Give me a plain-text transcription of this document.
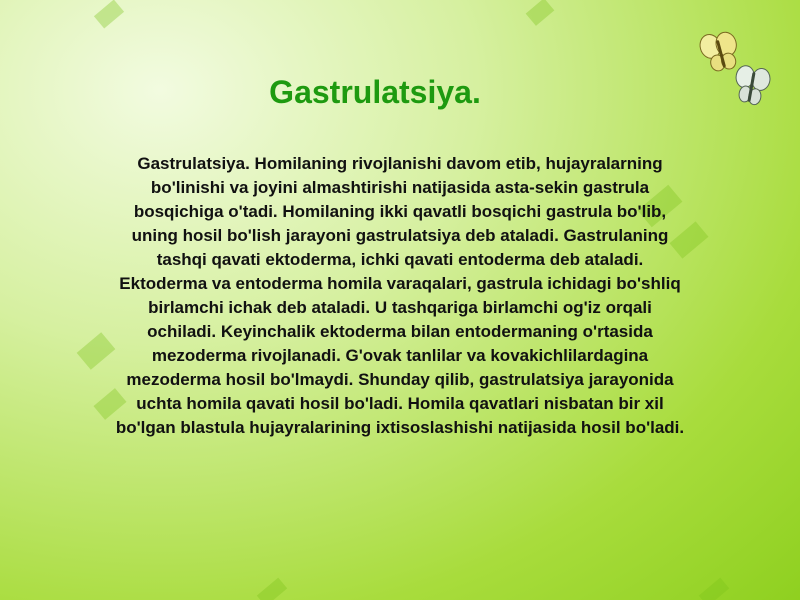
Gastrulatsiya.

Gastrulatsiya. Homilaning rivojlanishi davom etib, hujayralarning bo'linishi va joyini almashtirishi natijasida asta-sekin gastrula bosqichiga o'tadi. Homilaning ikki qavatli bosqichi gastrula bo'lib, uning hosil bo'lish jarayoni gastrulatsiya deb ataladi. Gastrulaning tashqi qavati ektoderma, ichki qavati entoderma deb ataladi. Ektoderma va entoderma homila varaqalari, gastrula ichidagi bo'shliq birlamchi ichak deb ataladi. U tashqariga birlamchi og'iz orqali ochiladi. Keyinchalik ektoderma bilan entodermaning o'rtasida mezoderma rivojlanadi. G'ovak tanlilar va kovakichlilardagina mezoderma hosil bo'lmaydi. Shunday qilib, gastrulatsiya jarayonida uchta homila qavati hosil bo'ladi. Homila qavatlari nisbatan bir xil bo'lgan blastula hujayralarining ixtisoslashishi natijasida hosil bo'ladi.
